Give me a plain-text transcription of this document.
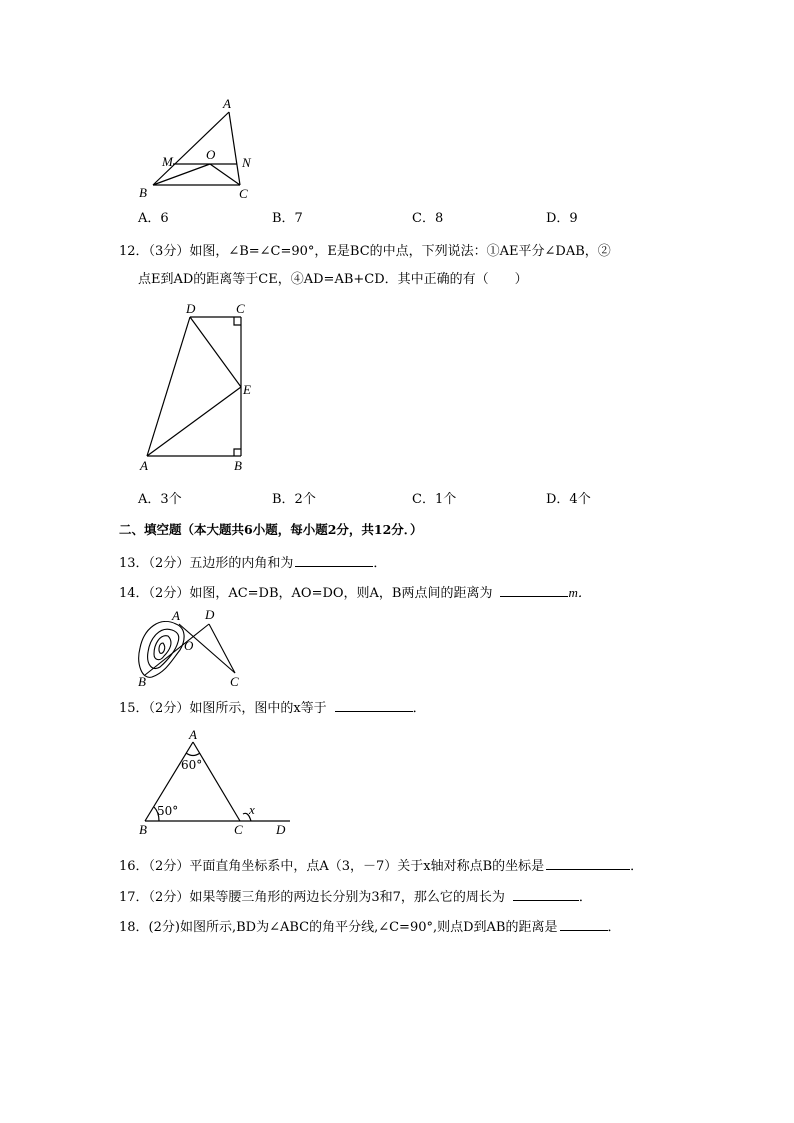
A
M	O
N
B	C
A．6	B．7	C．8	D．9
12．（3分）如图，∠B=∠C=90°，E是BC的中点，下列说法：①AE平分∠DAB，②
点E到AD的距离等于CE，④AD=AB+CD．其中正确的有（　　）
D	C
E
A	B
A．3个	B．2个	C．1个	D．4个
二、填空题（本大题共6小题，每小题2分，共12分．）
13．（2分）五边形的内角和为	．
14．（2分）如图，AC=DB，AO=DO，则A，B两点间的距离为	m．
A D
O
B	C
15．（2分）如图所示，图中的x等于	．
A
60°
50°	x
B	C	D
16．（2分）平面直角坐标系中，点A（3，－7）关于x轴对称点B的坐标是	．
17．（2分）如果等腰三角形的两边长分别为3和7，那么它的周长为	．
18．(2分)如图所示,BD为∠ABC的角平分线,∠C=90°,则点D到AB的距离是	．
